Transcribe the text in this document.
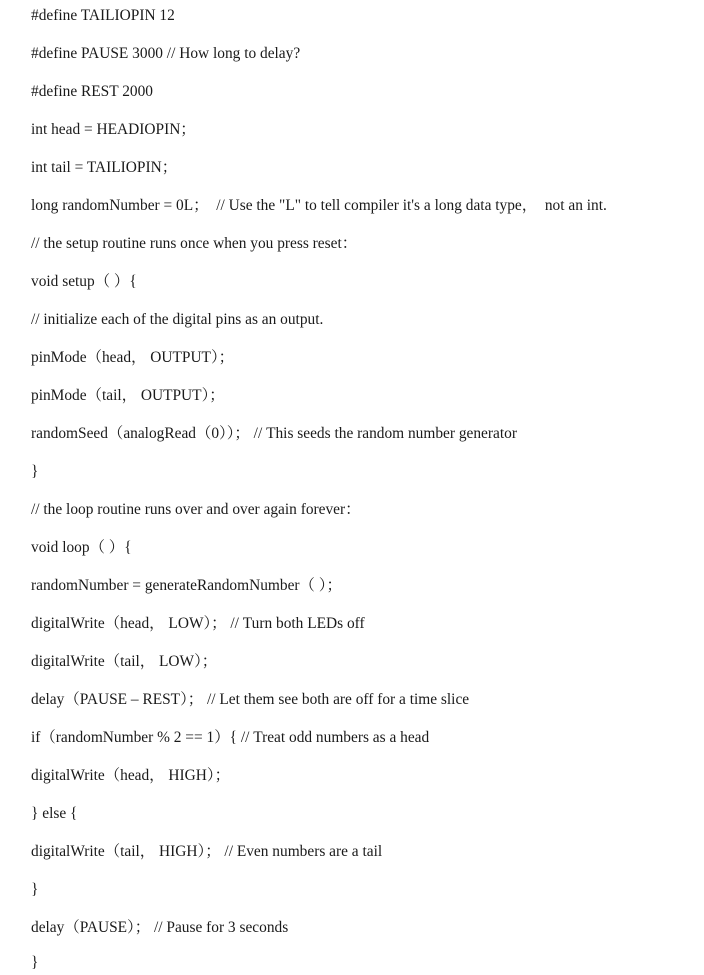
#define TAILIOPIN 12

#define PAUSE 3000 // How long to delay?

#define REST 2000

int head = HEADIOPIN；

int tail = TAILIOPIN；

long randomNumber = 0L；  // Use the "L" to tell compiler it's a long data type，  not an int.

// the setup routine runs once when you press reset：

void setup（ ）{

// initialize each of the digital pins as an output.

pinMode（head， OUTPUT）；

pinMode（tail， OUTPUT）；

randomSeed（analogRead（0））； // This seeds the random number generator

}

// the loop routine runs over and over again forever：

void loop（ ）{

randomNumber = generateRandomNumber（ ）；

digitalWrite（head， LOW）； // Turn both LEDs off

digitalWrite（tail， LOW）；

delay（PAUSE – REST）； // Let them see both are off for a time slice

if（randomNumber % 2 == 1）{ // Treat odd numbers as a head

digitalWrite（head， HIGH）；

} else {

digitalWrite（tail， HIGH）； // Even numbers are a tail

}

delay（PAUSE）； // Pause for 3 seconds

}
